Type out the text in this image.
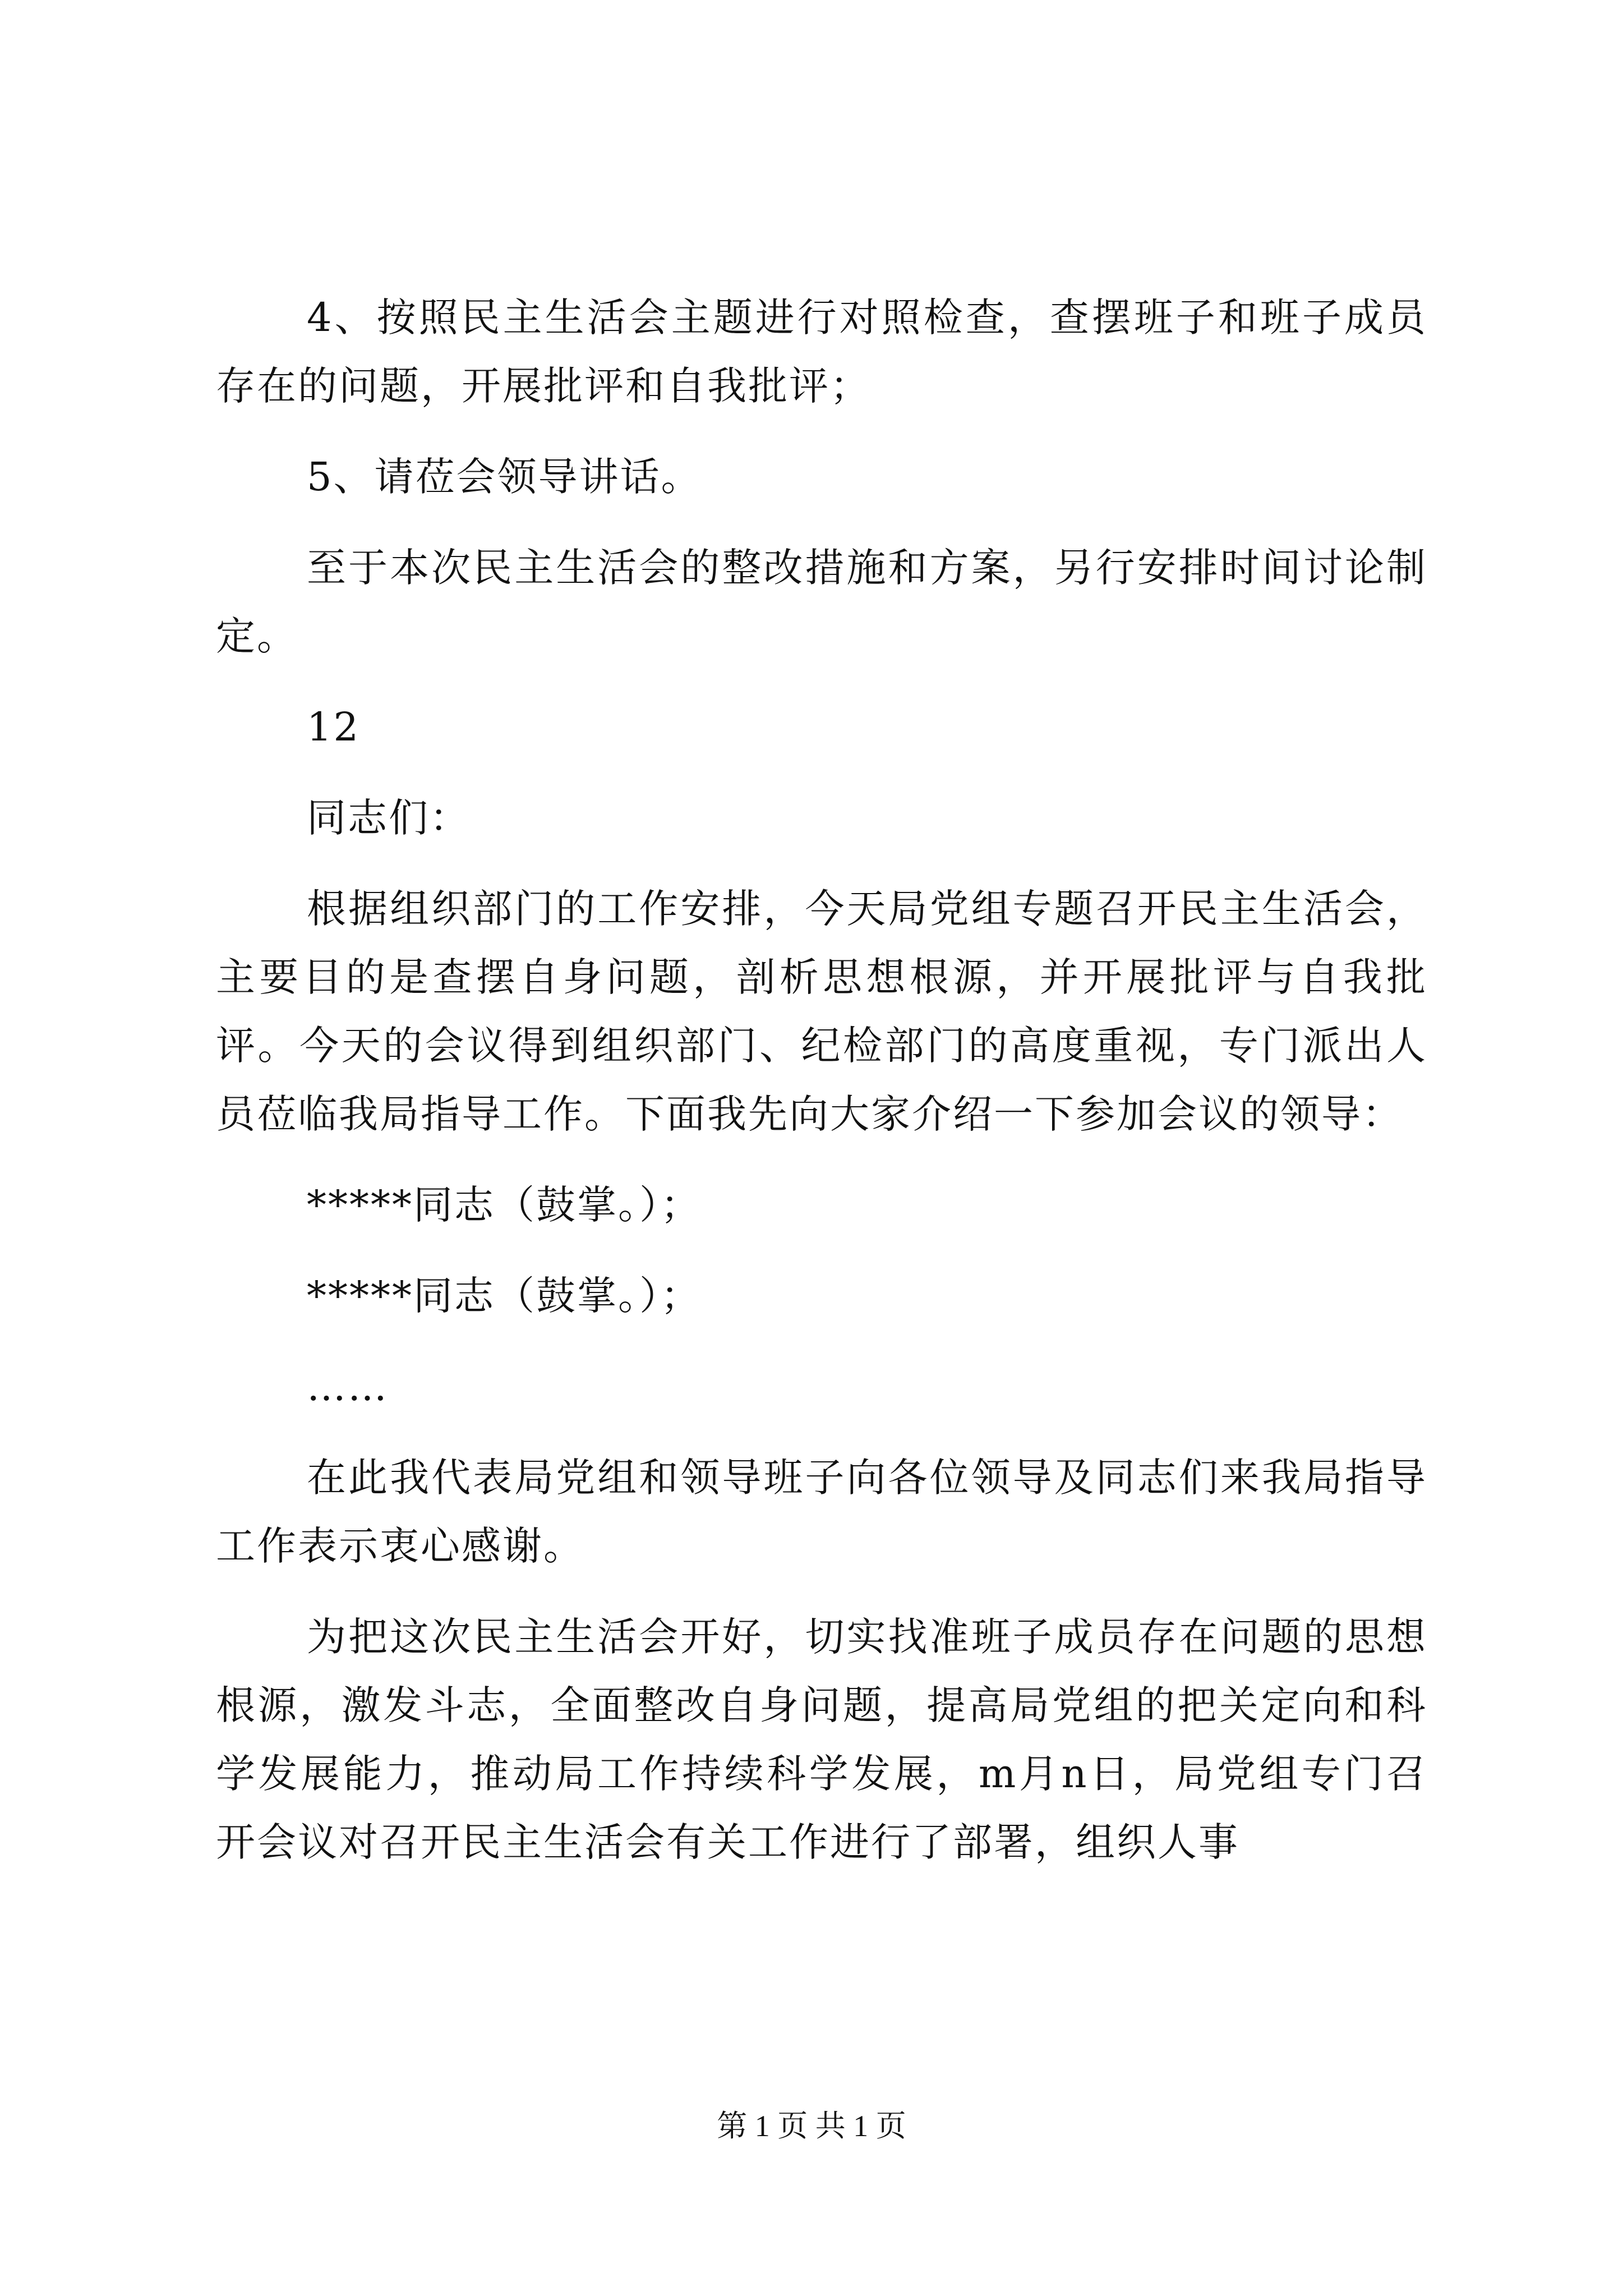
4、按照民主生活会主题进行对照检查，查摆班子和班子成员存在的问题，开展批评和自我批评；

5、请莅会领导讲话。

至于本次民主生活会的整改措施和方案，另行安排时间讨论制定。

12

同志们：

根据组织部门的工作安排，今天局党组专题召开民主生活会，主要目的是查摆自身问题，剖析思想根源，并开展批评与自我批评。今天的会议得到组织部门、纪检部门的高度重视，专门派出人员莅临我局指导工作。下面我先向大家介绍一下参加会议的领导：

*****同志（鼓掌。）；

*****同志（鼓掌。）；

……

在此我代表局党组和领导班子向各位领导及同志们来我局指导工作表示衷心感谢。

为把这次民主生活会开好，切实找准班子成员存在问题的思想根源，激发斗志，全面整改自身问题，提高局党组的把关定向和科学发展能力，推动局工作持续科学发展，m月n日，局党组专门召开会议对召开民主生活会有关工作进行了部署，组织人事

第 1 页 共 1 页
